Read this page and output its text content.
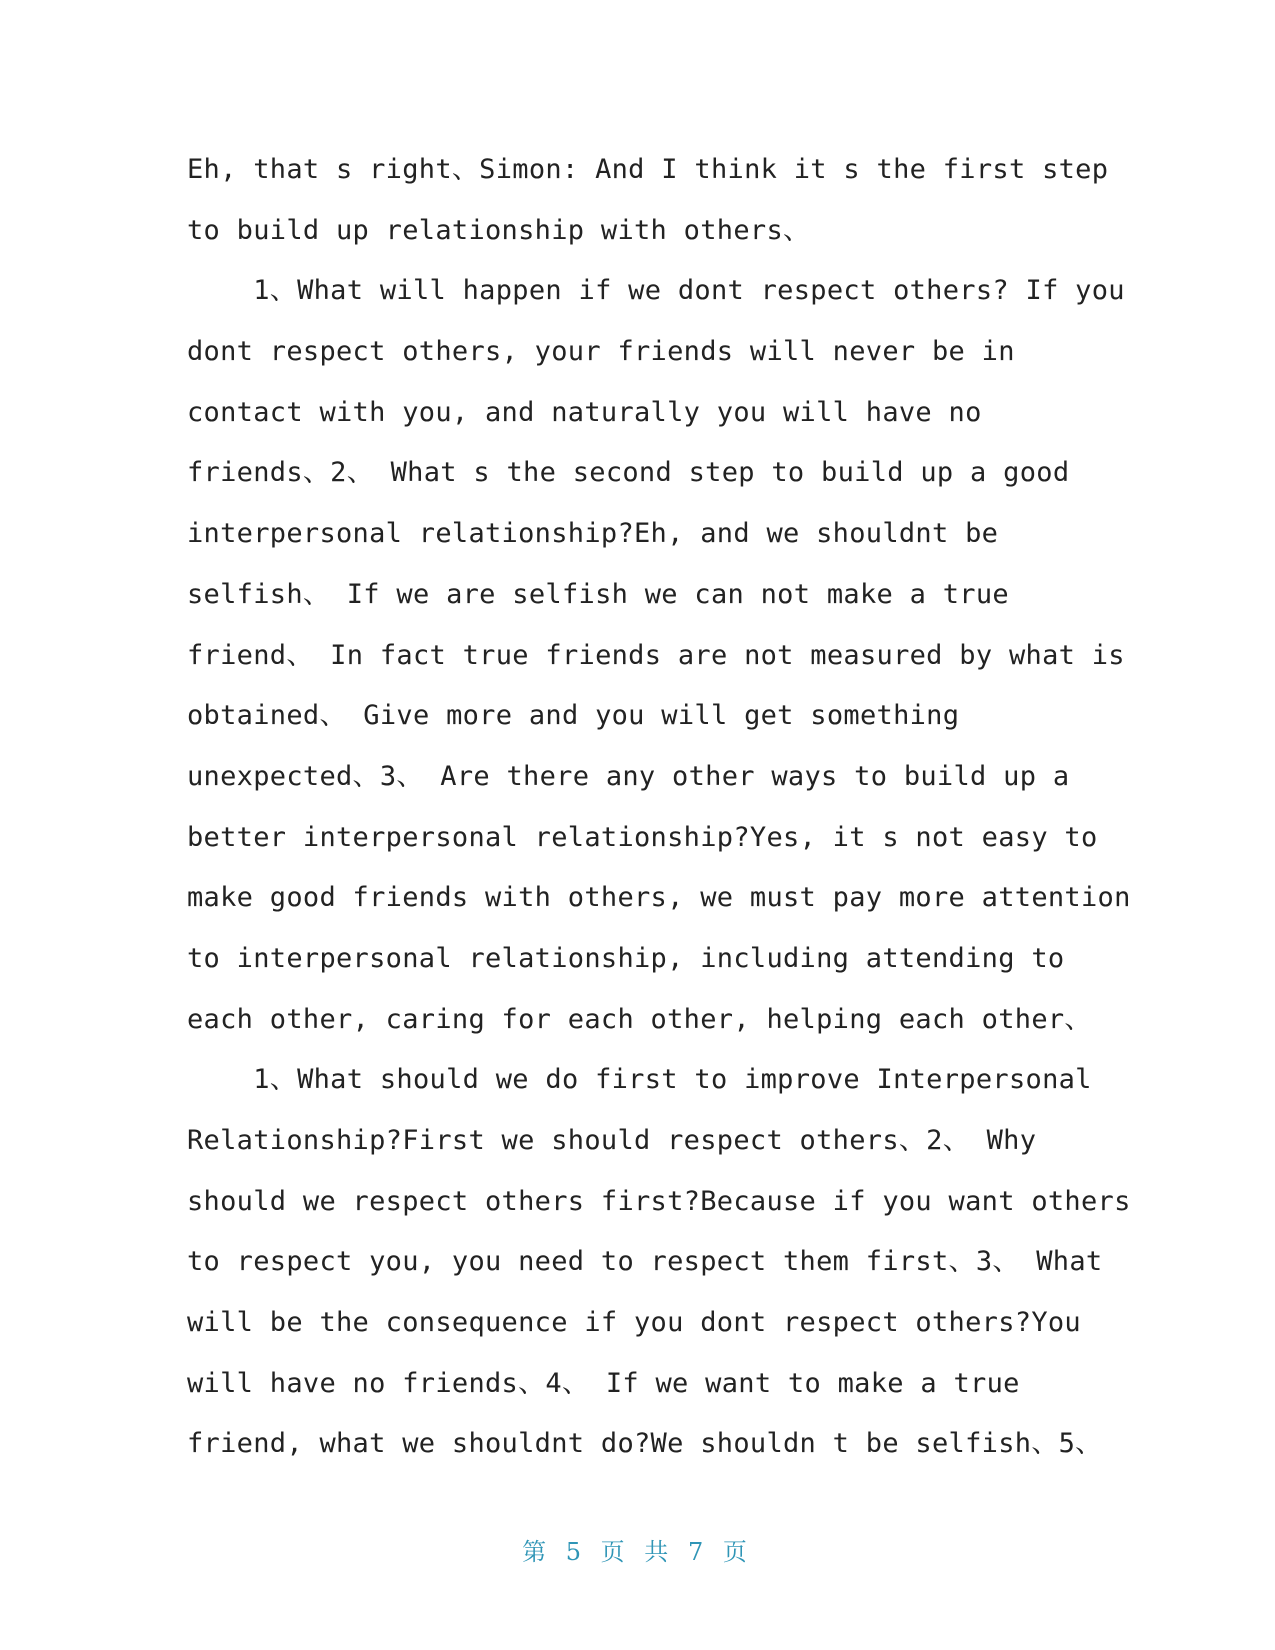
Eh, that s right、Simon: And I think it s the first step
to build up relationship with others、
1、What will happen if we dont respect others? If you
dont respect others, your friends will never be in
contact with you, and naturally you will have no
friends、2、 What s the second step to build up a good
interpersonal relationship?Eh, and we shouldnt be
selfish、 If we are selfish we can not make a true
friend、 In fact true friends are not measured by what is
obtained、 Give more and you will get something
unexpected、3、 Are there any other ways to build up a
better interpersonal relationship?Yes, it s not easy to
make good friends with others, we must pay more attention
to interpersonal relationship, including attending to
each other, caring for each other, helping each other、
1、What should we do first to improve Interpersonal
Relationship?First we should respect others、2、 Why
should we respect others first?Because if you want others
to respect you, you need to respect them first、3、 What
will be the consequence if you dont respect others?You
will have no friends、4、 If we want to make a true
friend, what we shouldnt do?We shouldn t be selfish、5、
第 5 页 共 7 页
